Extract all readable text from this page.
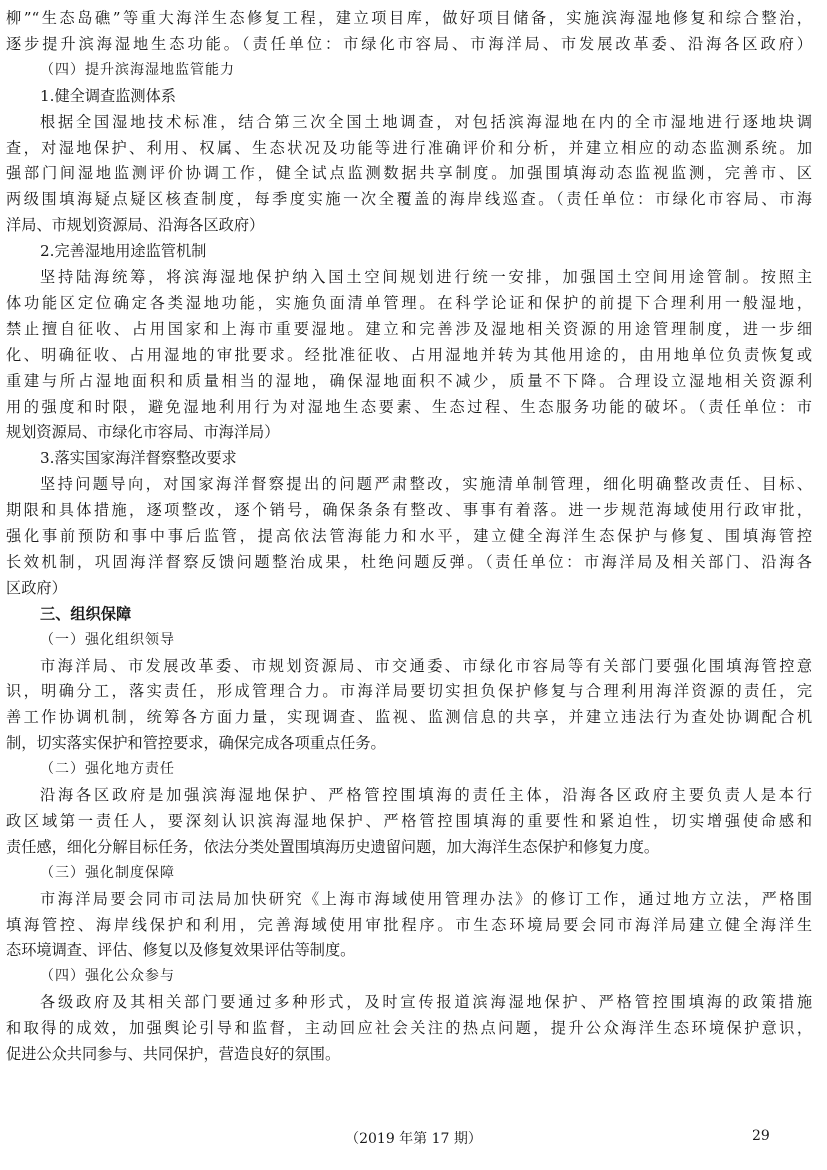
柳”“生态岛礁”等重大海洋生态修复工程，建立项目库，做好项目储备，实施滨海湿地修复和综合整治，
逐步提升滨海湿地生态功能。（责任单位：市绿化市容局、市海洋局、市发展改革委、沿海各区政府）
（四）提升滨海湿地监管能力
1.健全调查监测体系
根据全国湿地技术标准，结合第三次全国土地调查，对包括滨海湿地在内的全市湿地进行逐地块调
查，对湿地保护、利用、权属、生态状况及功能等进行准确评价和分析，并建立相应的动态监测系统。加
强部门间湿地监测评价协调工作，健全试点监测数据共享制度。加强围填海动态监视监测，完善市、区
两级围填海疑点疑区核查制度，每季度实施一次全覆盖的海岸线巡查。（责任单位：市绿化市容局、市海
洋局、市规划资源局、沿海各区政府）
2.完善湿地用途监管机制
坚持陆海统筹，将滨海湿地保护纳入国土空间规划进行统一安排，加强国土空间用途管制。按照主
体功能区定位确定各类湿地功能，实施负面清单管理。在科学论证和保护的前提下合理利用一般湿地，
禁止擅自征收、占用国家和上海市重要湿地。建立和完善涉及湿地相关资源的用途管理制度，进一步细
化、明确征收、占用湿地的审批要求。经批准征收、占用湿地并转为其他用途的，由用地单位负责恢复或
重建与所占湿地面积和质量相当的湿地，确保湿地面积不减少，质量不下降。合理设立湿地相关资源利
用的强度和时限，避免湿地利用行为对湿地生态要素、生态过程、生态服务功能的破坏。（责任单位：市
规划资源局、市绿化市容局、市海洋局）
3.落实国家海洋督察整改要求
坚持问题导向，对国家海洋督察提出的问题严肃整改，实施清单制管理，细化明确整改责任、目标、
期限和具体措施，逐项整改，逐个销号，确保条条有整改、事事有着落。进一步规范海域使用行政审批，
强化事前预防和事中事后监管，提高依法管海能力和水平，建立健全海洋生态保护与修复、围填海管控
长效机制，巩固海洋督察反馈问题整治成果，杜绝问题反弹。（责任单位：市海洋局及相关部门、沿海各
区政府）
三、组织保障
（一）强化组织领导
市海洋局、市发展改革委、市规划资源局、市交通委、市绿化市容局等有关部门要强化围填海管控意
识，明确分工，落实责任，形成管理合力。市海洋局要切实担负保护修复与合理利用海洋资源的责任，完
善工作协调机制，统筹各方面力量，实现调查、监视、监测信息的共享，并建立违法行为查处协调配合机
制，切实落实保护和管控要求，确保完成各项重点任务。
（二）强化地方责任
沿海各区政府是加强滨海湿地保护、严格管控围填海的责任主体，沿海各区政府主要负责人是本行
政区域第一责任人，要深刻认识滨海湿地保护、严格管控围填海的重要性和紧迫性，切实增强使命感和
责任感，细化分解目标任务，依法分类处置围填海历史遗留问题，加大海洋生态保护和修复力度。
（三）强化制度保障
市海洋局要会同市司法局加快研究《上海市海域使用管理办法》的修订工作，通过地方立法，严格围
填海管控、海岸线保护和利用，完善海域使用审批程序。市生态环境局要会同市海洋局建立健全海洋生
态环境调查、评估、修复以及修复效果评估等制度。
（四）强化公众参与
各级政府及其相关部门要通过多种形式，及时宣传报道滨海湿地保护、严格管控围填海的政策措施
和取得的成效，加强舆论引导和监督，主动回应社会关注的热点问题，提升公众海洋生态环境保护意识，
促进公众共同参与、共同保护，营造良好的氛围。
（2019 年第 17 期）	29
